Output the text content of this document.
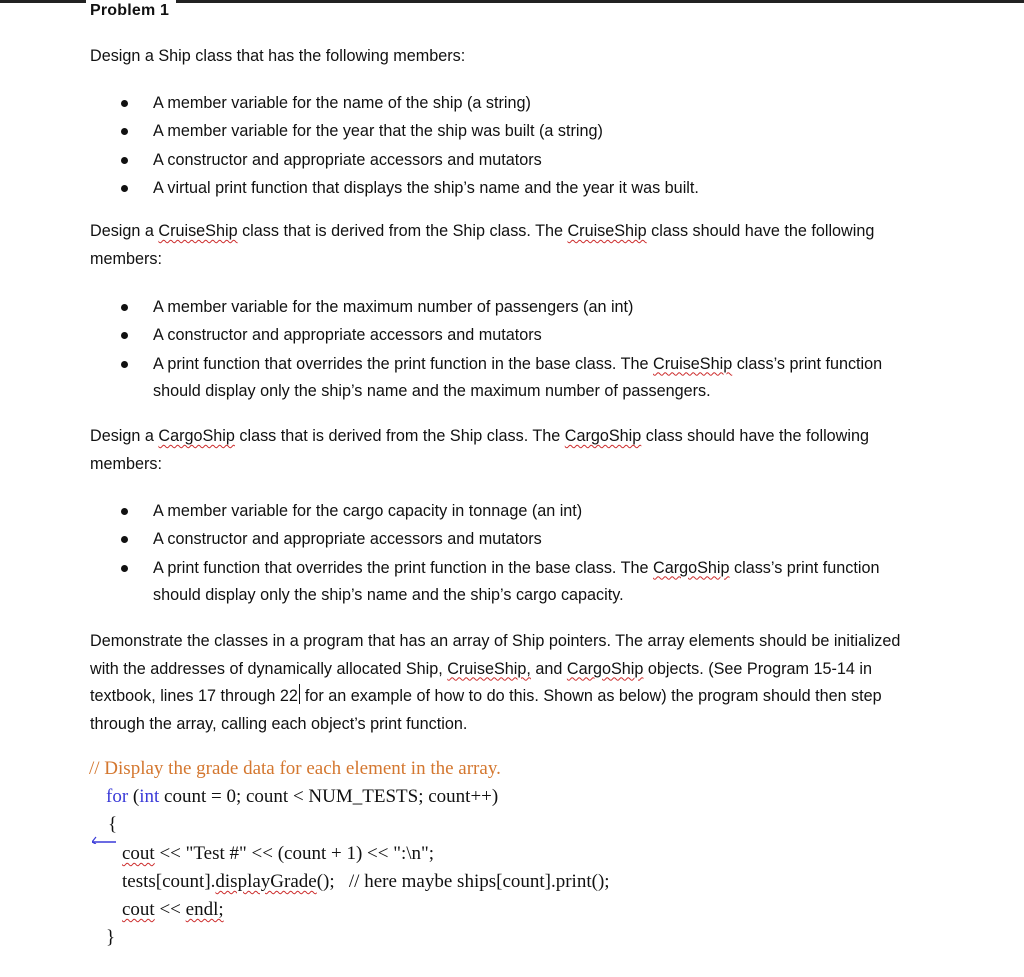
Problem 1

Design a Ship class that has the following members:

A member variable for the name of the ship (a string)
A member variable for the year that the ship was built (a string)
A constructor and appropriate accessors and mutators
A virtual print function that displays the ship’s name and the year it was built.

Design a CruiseShip class that is derived from the Ship class. The CruiseShip class should have the following members:

A member variable for the maximum number of passengers (an int)
A constructor and appropriate accessors and mutators
A print function that overrides the print function in the base class. The CruiseShip class’s print function should display only the ship’s name and the maximum number of passengers.

Design a CargoShip class that is derived from the Ship class. The CargoShip class should have the following members:

A member variable for the cargo capacity in tonnage (an int)
A constructor and appropriate accessors and mutators
A print function that overrides the print function in the base class. The CargoShip class’s print function should display only the ship’s name and the ship’s cargo capacity.

Demonstrate the classes in a program that has an array of Ship pointers. The array elements should be initialized with the addresses of dynamically allocated Ship, CruiseShip, and CargoShip objects. (See Program 15-14 in textbook, lines 17 through 22 for an example of how to do this. Shown as below) the program should then step through the array, calling each object’s print function.

// Display the grade data for each element in the array.
for (int count = 0; count < NUM_TESTS; count++)
{
cout << "Test #" << (count + 1) << ":\n";
tests[count].displayGrade();   // here maybe ships[count].print();
cout << endl;
}
